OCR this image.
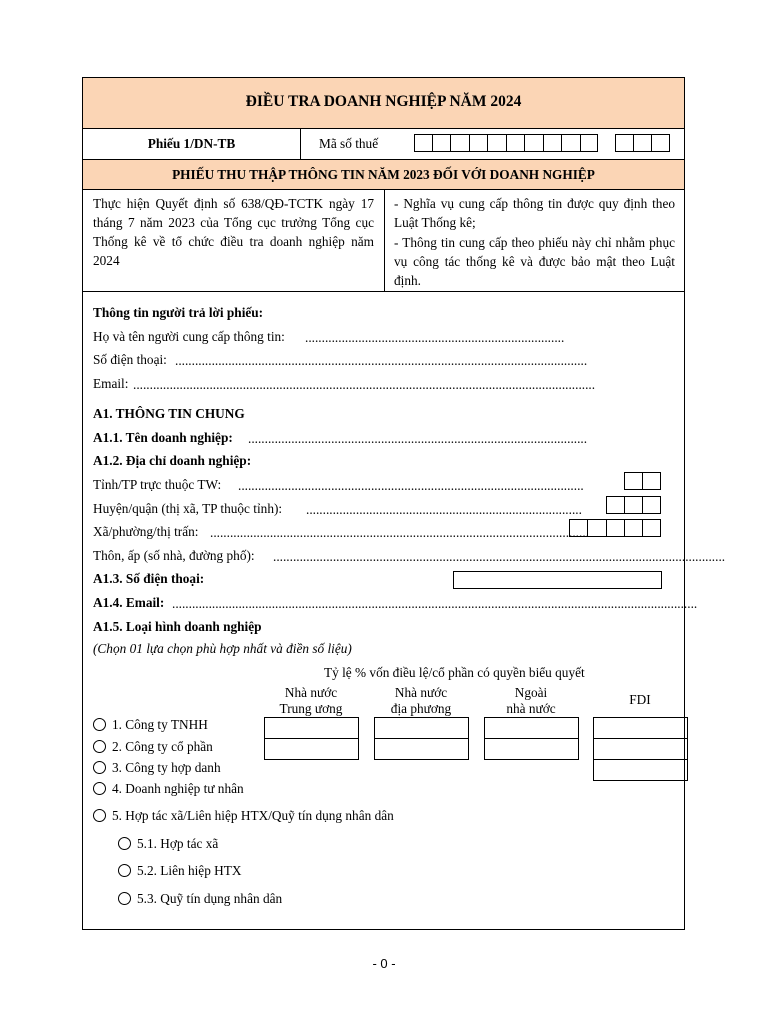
ĐIỀU TRA DOANH NGHIỆP NĂM 2024
Phiếu 1/DN-TB	Mã số thuế
PHIẾU THU THẬP THÔNG TIN NĂM 2023 ĐỐI VỚI DOANH NGHIỆP
Thực hiện Quyết định số 638/QĐ-TCTK ngày 17 tháng 7 năm 2023 của Tổng cục trưởng Tổng cục Thống kê về tổ chức điều tra doanh nghiệp năm 2024
- Nghĩa vụ cung cấp thông tin được quy định theo Luật Thống kê;
- Thông tin cung cấp theo phiếu này chỉ nhằm phục vụ công tác thống kê và được bảo mật theo Luật định.
Thông tin người trả lời phiếu:
Họ và tên người cung cấp thông tin: ..............................................................................
Số điện thoại: ............................................................................................................................
Email: ...........................................................................................................................................
A1. THÔNG TIN CHUNG
A1.1. Tên doanh nghiệp: ......................................................................................................
A1.2. Địa chỉ doanh nghiệp:
Tỉnh/TP trực thuộc TW: ........................................................................................................
Huyện/quận (thị xã, TP thuộc tỉnh): ...................................................................................
Xã/phường/thị trấn: ..................................................................................................................
Thôn, ấp (số nhà, đường phố): ........................................................................................................................................
A1.3. Số điện thoại:
A1.4. Email: ..............................................................................................................................................................
A1.5. Loại hình doanh nghiệp
(Chọn 01 lựa chọn phù hợp nhất và điền số liệu)
Tỷ lệ % vốn điều lệ/cổ phần có quyền biểu quyết
Nhà nước
Trung ương
Nhà nước
địa phương
Ngoài
nhà nước
FDI
1. Công ty TNHH
2. Công ty cổ phần
3. Công ty hợp danh
4. Doanh nghiệp tư nhân
5. Hợp tác xã/Liên hiệp HTX/Quỹ tín dụng nhân dân
5.1. Hợp tác xã
5.2. Liên hiệp HTX
5.3. Quỹ tín dụng nhân dân
- 0 -
